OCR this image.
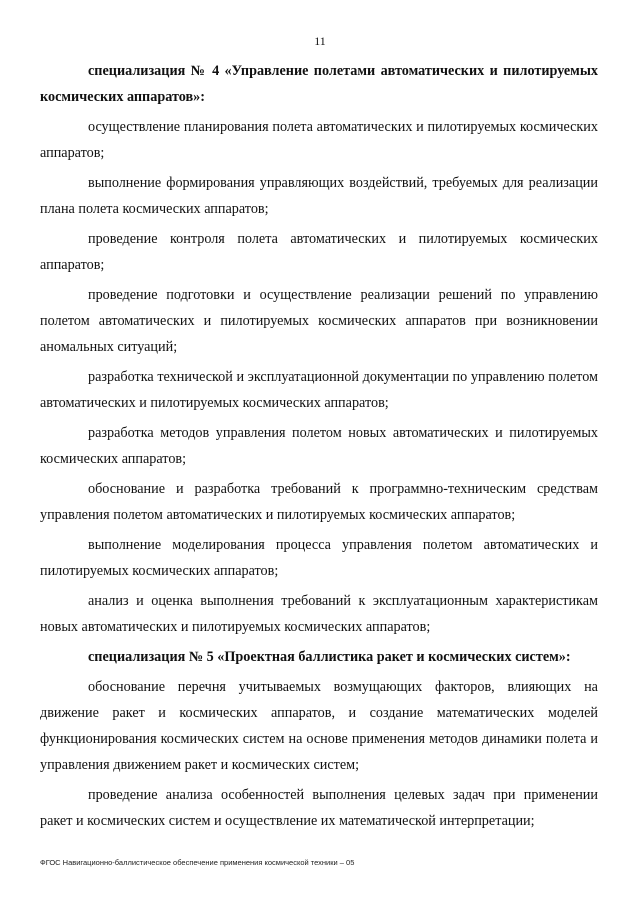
11

специализация № 4 «Управление полетами автоматических и пилотируемых космических аппаратов»:

осуществление планирования полета автоматических и пилотируемых космических аппаратов;

выполнение формирования управляющих воздействий, требуемых для реализации плана полета космических аппаратов;

проведение контроля полета автоматических и пилотируемых космических аппаратов;

проведение подготовки и осуществление реализации решений по управлению полетом автоматических и пилотируемых космических аппаратов при возникновении аномальных ситуаций;

разработка технической и эксплуатационной документации по управлению полетом автоматических и пилотируемых космических аппаратов;

разработка методов управления полетом новых автоматических и пилотируемых космических аппаратов;

обоснование и разработка требований к программно-техническим средствам управления полетом автоматических и пилотируемых космических аппаратов;

выполнение моделирования процесса управления полетом автоматических и пилотируемых космических аппаратов;

анализ и оценка выполнения требований к эксплуатационным характеристикам новых автоматических и пилотируемых космических аппаратов;

специализация № 5 «Проектная баллистика ракет и космических систем»:

обоснование перечня учитываемых возмущающих факторов, влияющих на движение ракет и космических аппаратов, и создание математических моделей функционирования космических систем на основе применения методов динамики полета и управления движением ракет и космических систем;

проведение анализа особенностей выполнения целевых задач при применении ракет и космических систем и осуществление их математической интерпретации;

ФГОС Навигационно-баллистическое обеспечение применения космической техники – 05
